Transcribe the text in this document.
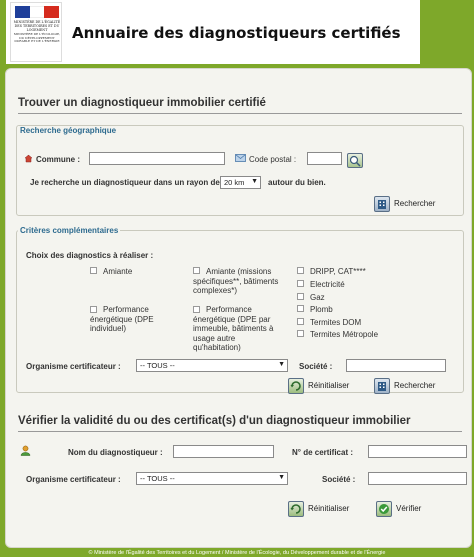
MINISTÈRE DE L'ÉGALITÉ DES TERRITOIRES ET DU LOGEMENT
MINISTÈRE DE L'ÉCOLOGIE, DU DÉVELOPPEMENT DURABLE ET DE L'ÉNERGIE Annuaire des diagnostiqueurs certifiés
Trouver un diagnostiqueur immobilier certifié
Recherche géographique
Commune :	Code postal :
Je recherche un diagnostiqueur dans un rayon de 20 km ▼ autour du bien.
Rechercher
Critères complémentaires
Choix des diagnostics à réaliser :
Amiante
Performance énergétique (DPE individuel)
Amiante (missions spécifiques**, bâtiments complexes*)
Performance énergétique (DPE par immeuble, bâtiments à usage autre qu'habitation)
DRIPP, CAT****
Electricité
Gaz
Plomb
Termites DOM
Termites Métropole
Organisme certificateur :	-- TOUS --	▼ Société :
Réinitialiser	Rechercher
Vérifier la validité du ou des certificat(s) d'un diagnostiqueur immobilier
Nom du diagnostiqueur :	N° de certificat :
Organisme certificateur :	-- TOUS --	▼	Société :
Réinitialiser	Vérifier
© Ministère de l'Égalité des Territoires et du Logement / Ministère de l'Écologie, du Développement durable et de l'Énergie
